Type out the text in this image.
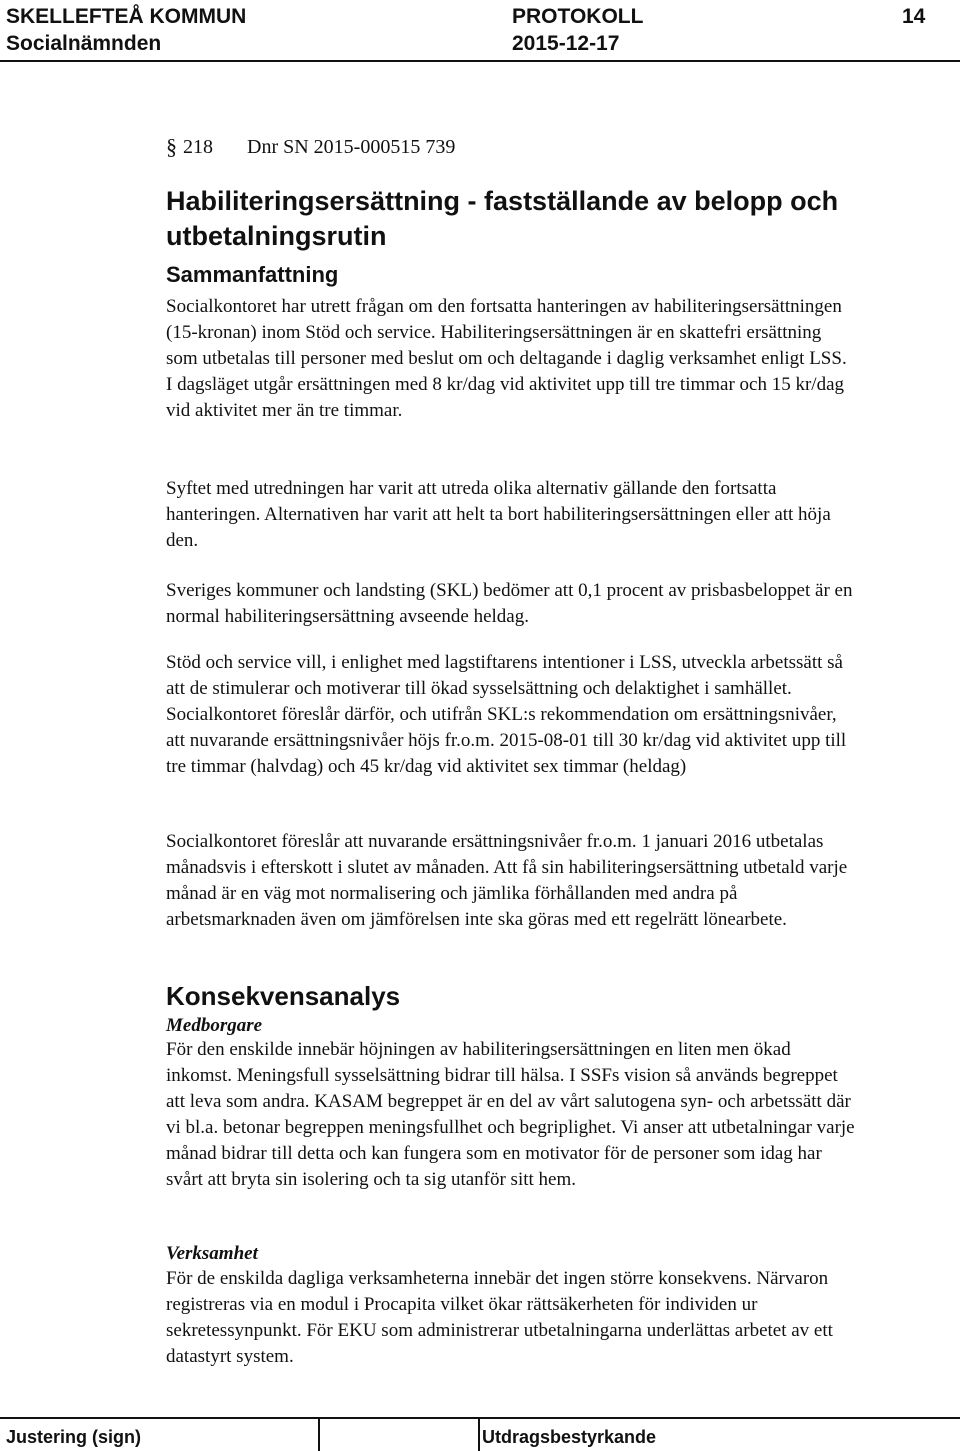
SKELLEFTEÅ KOMMUN	PROTOKOLL	14
Socialnämnden	2015-12-17
§ 218 Dnr SN 2015-000515 739
Habiliteringsersättning - fastställande av belopp och utbetalningsrutin
Sammanfattning

Socialkontoret har utrett frågan om den fortsatta hanteringen av habiliteringsersättningen (15-kronan) inom Stöd och service. Habiliteringsersättningen är en skattefri ersättning som utbetalas till personer med beslut om och deltagande i daglig verksamhet enligt LSS. I dagsläget utgår ersättningen med 8 kr/dag vid aktivitet upp till tre timmar och 15 kr/dag vid aktivitet mer än tre timmar.

Syftet med utredningen har varit att utreda olika alternativ gällande den fortsatta hanteringen. Alternativen har varit att helt ta bort habiliteringsersättningen eller att höja den.

Sveriges kommuner och landsting (SKL) bedömer att 0,1 procent av prisbasbeloppet är en normal habiliteringsersättning avseende heldag.

Stöd och service vill, i enlighet med lagstiftarens intentioner i LSS, utveckla arbetssätt så att de stimulerar och motiverar till ökad sysselsättning och delaktighet i samhället. Socialkontoret föreslår därför, och utifrån SKL:s rekommendation om ersättningsnivåer, att nuvarande ersättningsnivåer höjs fr.o.m. 2015-08-01 till 30 kr/dag vid aktivitet upp till tre timmar (halvdag) och 45 kr/dag vid aktivitet sex timmar (heldag)

Socialkontoret föreslår att nuvarande ersättningsnivåer fr.o.m. 1 januari 2016 utbetalas månadsvis i efterskott i slutet av månaden. Att få sin habiliteringsersättning utbetald varje månad är en väg mot normalisering och jämlika förhållanden med andra på arbetsmarknaden även om jämförelsen inte ska göras med ett regelrätt lönearbete.

Konsekvensanalys
Medborgare

För den enskilde innebär höjningen av habiliteringsersättningen en liten men ökad inkomst. Meningsfull sysselsättning bidrar till hälsa. I SSFs vision så används begreppet att leva som andra. KASAM begreppet är en del av vårt salutogena syn- och arbetssätt där vi bl.a. betonar begreppen meningsfullhet och begriplighet. Vi anser att utbetalningar varje månad bidrar till detta och kan fungera som en motivator för de personer som idag har svårt att bryta sin isolering och ta sig utanför sitt hem.

Verksamhet

För de enskilda dagliga verksamheterna innebär det ingen större konsekvens. Närvaron registreras via en modul i Procapita vilket ökar rättsäkerheten för individen ur sekretessynpunkt. För EKU som administrerar utbetalningarna underlättas arbetet av ett datastyrt system.

Justering (sign)	Utdragsbestyrkande
